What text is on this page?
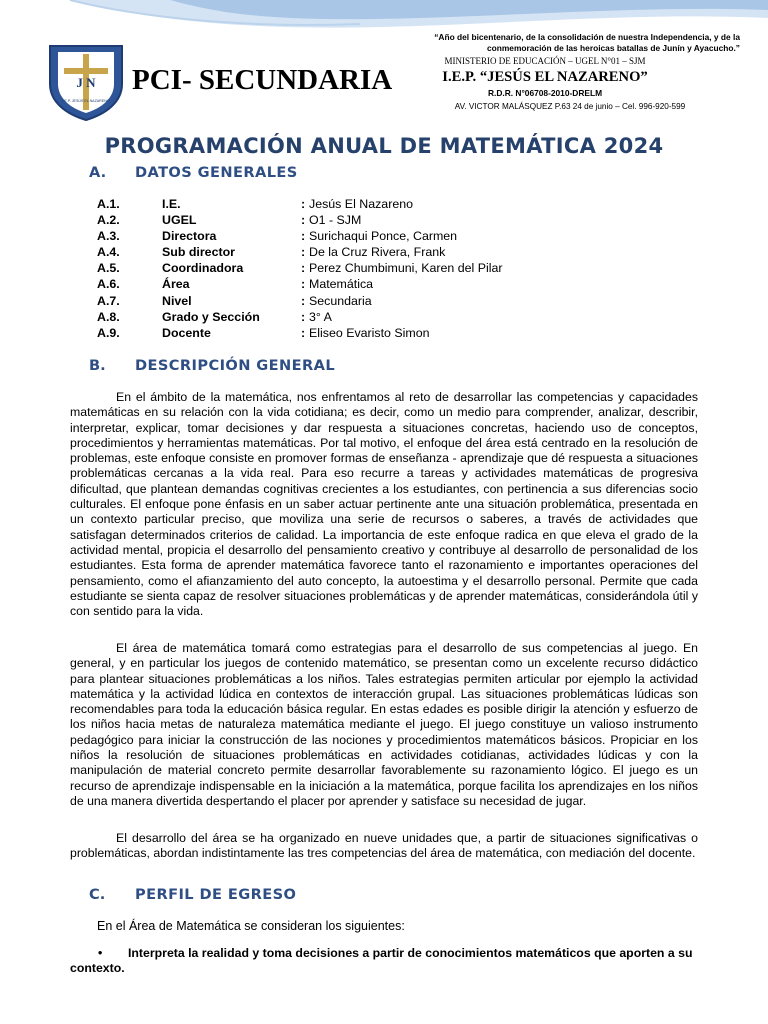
J N
I.E.P. JESÚS EL NAZARENO
PCI- SECUNDARIA
“Año del bicentenario, de la consolidación de nuestra Independencia, y de la conmemoración de las heroicas batallas de Junín y Ayacucho.”
MINISTERIO DE EDUCACIÓN – UGEL N°01 – SJM
I.E.P. “JESÚS EL NAZARENO”
R.D.R. N°06708-2010-DRELM
AV. VICTOR MALÁSQUEZ P.63 24 de junio – Cel. 996-920-599
PROGRAMACIÓN ANUAL DE MATEMÁTICA 2024
A. DATOS GENERALES
A.1.	I.E.	: Jesús El Nazareno
A.2.	UGEL	: O1 - SJM
A.3.	Directora	: Surichaqui Ponce, Carmen
A.4.	Sub director	: De la Cruz Rivera, Frank
A.5.	Coordinadora	: Perez Chumbimuni, Karen del Pilar
A.6.	Área	: Matemática
A.7.	Nivel	: Secundaria
A.8.	Grado y Sección	: 3° A
A.9.	Docente	: Eliseo Evaristo Simon
B. DESCRIPCIÓN GENERAL

En el ámbito de la matemática, nos enfrentamos al reto de desarrollar las competencias y capacidades matemáticas en su relación con la vida cotidiana; es decir, como un medio para comprender, analizar, describir, interpretar, explicar, tomar decisiones y dar respuesta a situaciones concretas, haciendo uso de conceptos, procedimientos y herramientas matemáticas. Por tal motivo, el enfoque del área está centrado en la resolución de problemas, este enfoque consiste en promover formas de enseñanza - aprendizaje que dé respuesta a situaciones problemáticas cercanas a la vida real. Para eso recurre a tareas y actividades matemáticas de progresiva dificultad, que plantean demandas cognitivas crecientes a los estudiantes, con pertinencia a sus diferencias socio culturales. El enfoque pone énfasis en un saber actuar pertinente ante una situación problemática, presentada en un contexto particular preciso, que moviliza una serie de recursos o saberes, a través de actividades que satisfagan determinados criterios de calidad. La importancia de este enfoque radica en que eleva el grado de la actividad mental, propicia el desarrollo del pensamiento creativo y contribuye al desarrollo de personalidad de los estudiantes. Esta forma de aprender matemática favorece tanto el razonamiento e importantes operaciones del pensamiento, como el afianzamiento del auto concepto, la autoestima y el desarrollo personal. Permite que cada estudiante se sienta capaz de resolver situaciones problemáticas y de aprender matemáticas, considerándola útil y con sentido para la vida.

El área de matemática tomará como estrategias para el desarrollo de sus competencias al juego. En general, y en particular los juegos de contenido matemático, se presentan como un excelente recurso didáctico para plantear situaciones problemáticas a los niños. Tales estrategias permiten articular por ejemplo la actividad matemática y la actividad lúdica en contextos de interacción grupal. Las situaciones problemáticas lúdicas son recomendables para toda la educación básica regular. En estas edades es posible dirigir la atención y esfuerzo de los niños hacia metas de naturaleza matemática mediante el juego. El juego constituye un valioso instrumento pedagógico para iniciar la construcción de las nociones y procedimientos matemáticos básicos. Propiciar en los niños la resolución de situaciones problemáticas en actividades cotidianas, actividades lúdicas y con la manipulación de material concreto permite desarrollar favorablemente su razonamiento lógico. El juego es un recurso de aprendizaje indispensable en la iniciación a la matemática, porque facilita los aprendizajes en los niños de una manera divertida despertando el placer por aprender y satisface su necesidad de jugar.

El desarrollo del área se ha organizado en nueve unidades que, a partir de situaciones significativas o problemáticas, abordan indistintamente las tres competencias del área de matemática, con mediación del docente.

C. PERFIL DE EGRESO

En el Área de Matemática se consideran los siguientes:

• Interpreta la realidad y toma decisiones a partir de conocimientos matemáticos que aporten a su contexto.
